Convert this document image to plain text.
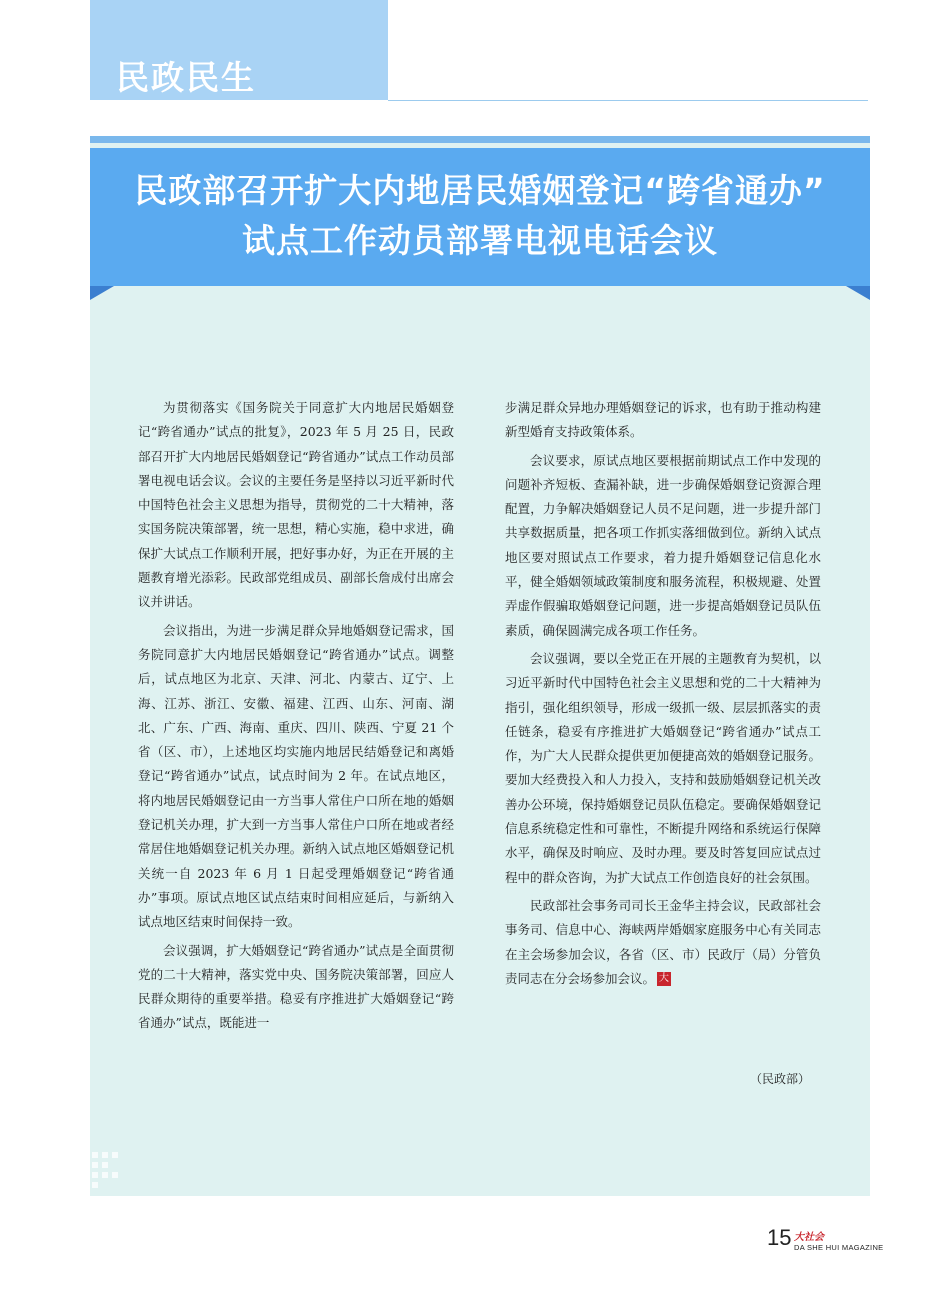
民政民生
民政部召开扩大内地居民婚姻登记“跨省通办”
试点工作动员部署电视电话会议

为贯彻落实《国务院关于同意扩大内地居民婚姻登记“跨省通办”试点的批复》，2023 年 5 月 25 日，民政部召开扩大内地居民婚姻登记“跨省通办”试点工作动员部署电视电话会议。会议的主要任务是坚持以习近平新时代中国特色社会主义思想为指导，贯彻党的二十大精神，落实国务院决策部署，统一思想，精心实施，稳中求进，确保扩大试点工作顺利开展，把好事办好，为正在开展的主题教育增光添彩。民政部党组成员、副部长詹成付出席会议并讲话。

会议指出，为进一步满足群众异地婚姻登记需求，国务院同意扩大内地居民婚姻登记“跨省通办”试点。调整后，试点地区为北京、天津、河北、内蒙古、辽宁、上海、江苏、浙江、安徽、福建、江西、山东、河南、湖北、广东、广西、海南、重庆、四川、陕西、宁夏 21 个省（区、市），上述地区均实施内地居民结婚登记和离婚登记“跨省通办”试点，试点时间为 2 年。在试点地区，将内地居民婚姻登记由一方当事人常住户口所在地的婚姻登记机关办理，扩大到一方当事人常住户口所在地或者经常居住地婚姻登记机关办理。新纳入试点地区婚姻登记机关统一自 2023 年 6 月 1 日起受理婚姻登记“跨省通办”事项。原试点地区试点结束时间相应延后，与新纳入试点地区结束时间保持一致。

会议强调，扩大婚姻登记“跨省通办”试点是全面贯彻党的二十大精神，落实党中央、国务院决策部署，回应人民群众期待的重要举措。稳妥有序推进扩大婚姻登记“跨省通办”试点，既能进一

步满足群众异地办理婚姻登记的诉求，也有助于推动构建新型婚育支持政策体系。

会议要求，原试点地区要根据前期试点工作中发现的问题补齐短板、查漏补缺，进一步确保婚姻登记资源合理配置，力争解决婚姻登记人员不足问题，进一步提升部门共享数据质量，把各项工作抓实落细做到位。新纳入试点地区要对照试点工作要求，着力提升婚姻登记信息化水平，健全婚姻领域政策制度和服务流程，积极规避、处置弄虚作假骗取婚姻登记问题，进一步提高婚姻登记员队伍素质，确保圆满完成各项工作任务。

会议强调，要以全党正在开展的主题教育为契机，以习近平新时代中国特色社会主义思想和党的二十大精神为指引，强化组织领导，形成一级抓一级、层层抓落实的责任链条，稳妥有序推进扩大婚姻登记“跨省通办”试点工作，为广大人民群众提供更加便捷高效的婚姻登记服务。要加大经费投入和人力投入，支持和鼓励婚姻登记机关改善办公环境，保持婚姻登记员队伍稳定。要确保婚姻登记信息系统稳定性和可靠性，不断提升网络和系统运行保障水平，确保及时响应、及时办理。要及时答复回应试点过程中的群众咨询，为扩大试点工作创造良好的社会氛围。

民政部社会事务司司长王金华主持会议，民政部社会事务司、信息中心、海峡两岸婚姻家庭服务中心有关同志在主会场参加会议，各省（区、市）民政厅（局）分管负责同志在分会场参加会议。 大

（民政部）
15 大社会
DA SHE HUI MAGAZINE
